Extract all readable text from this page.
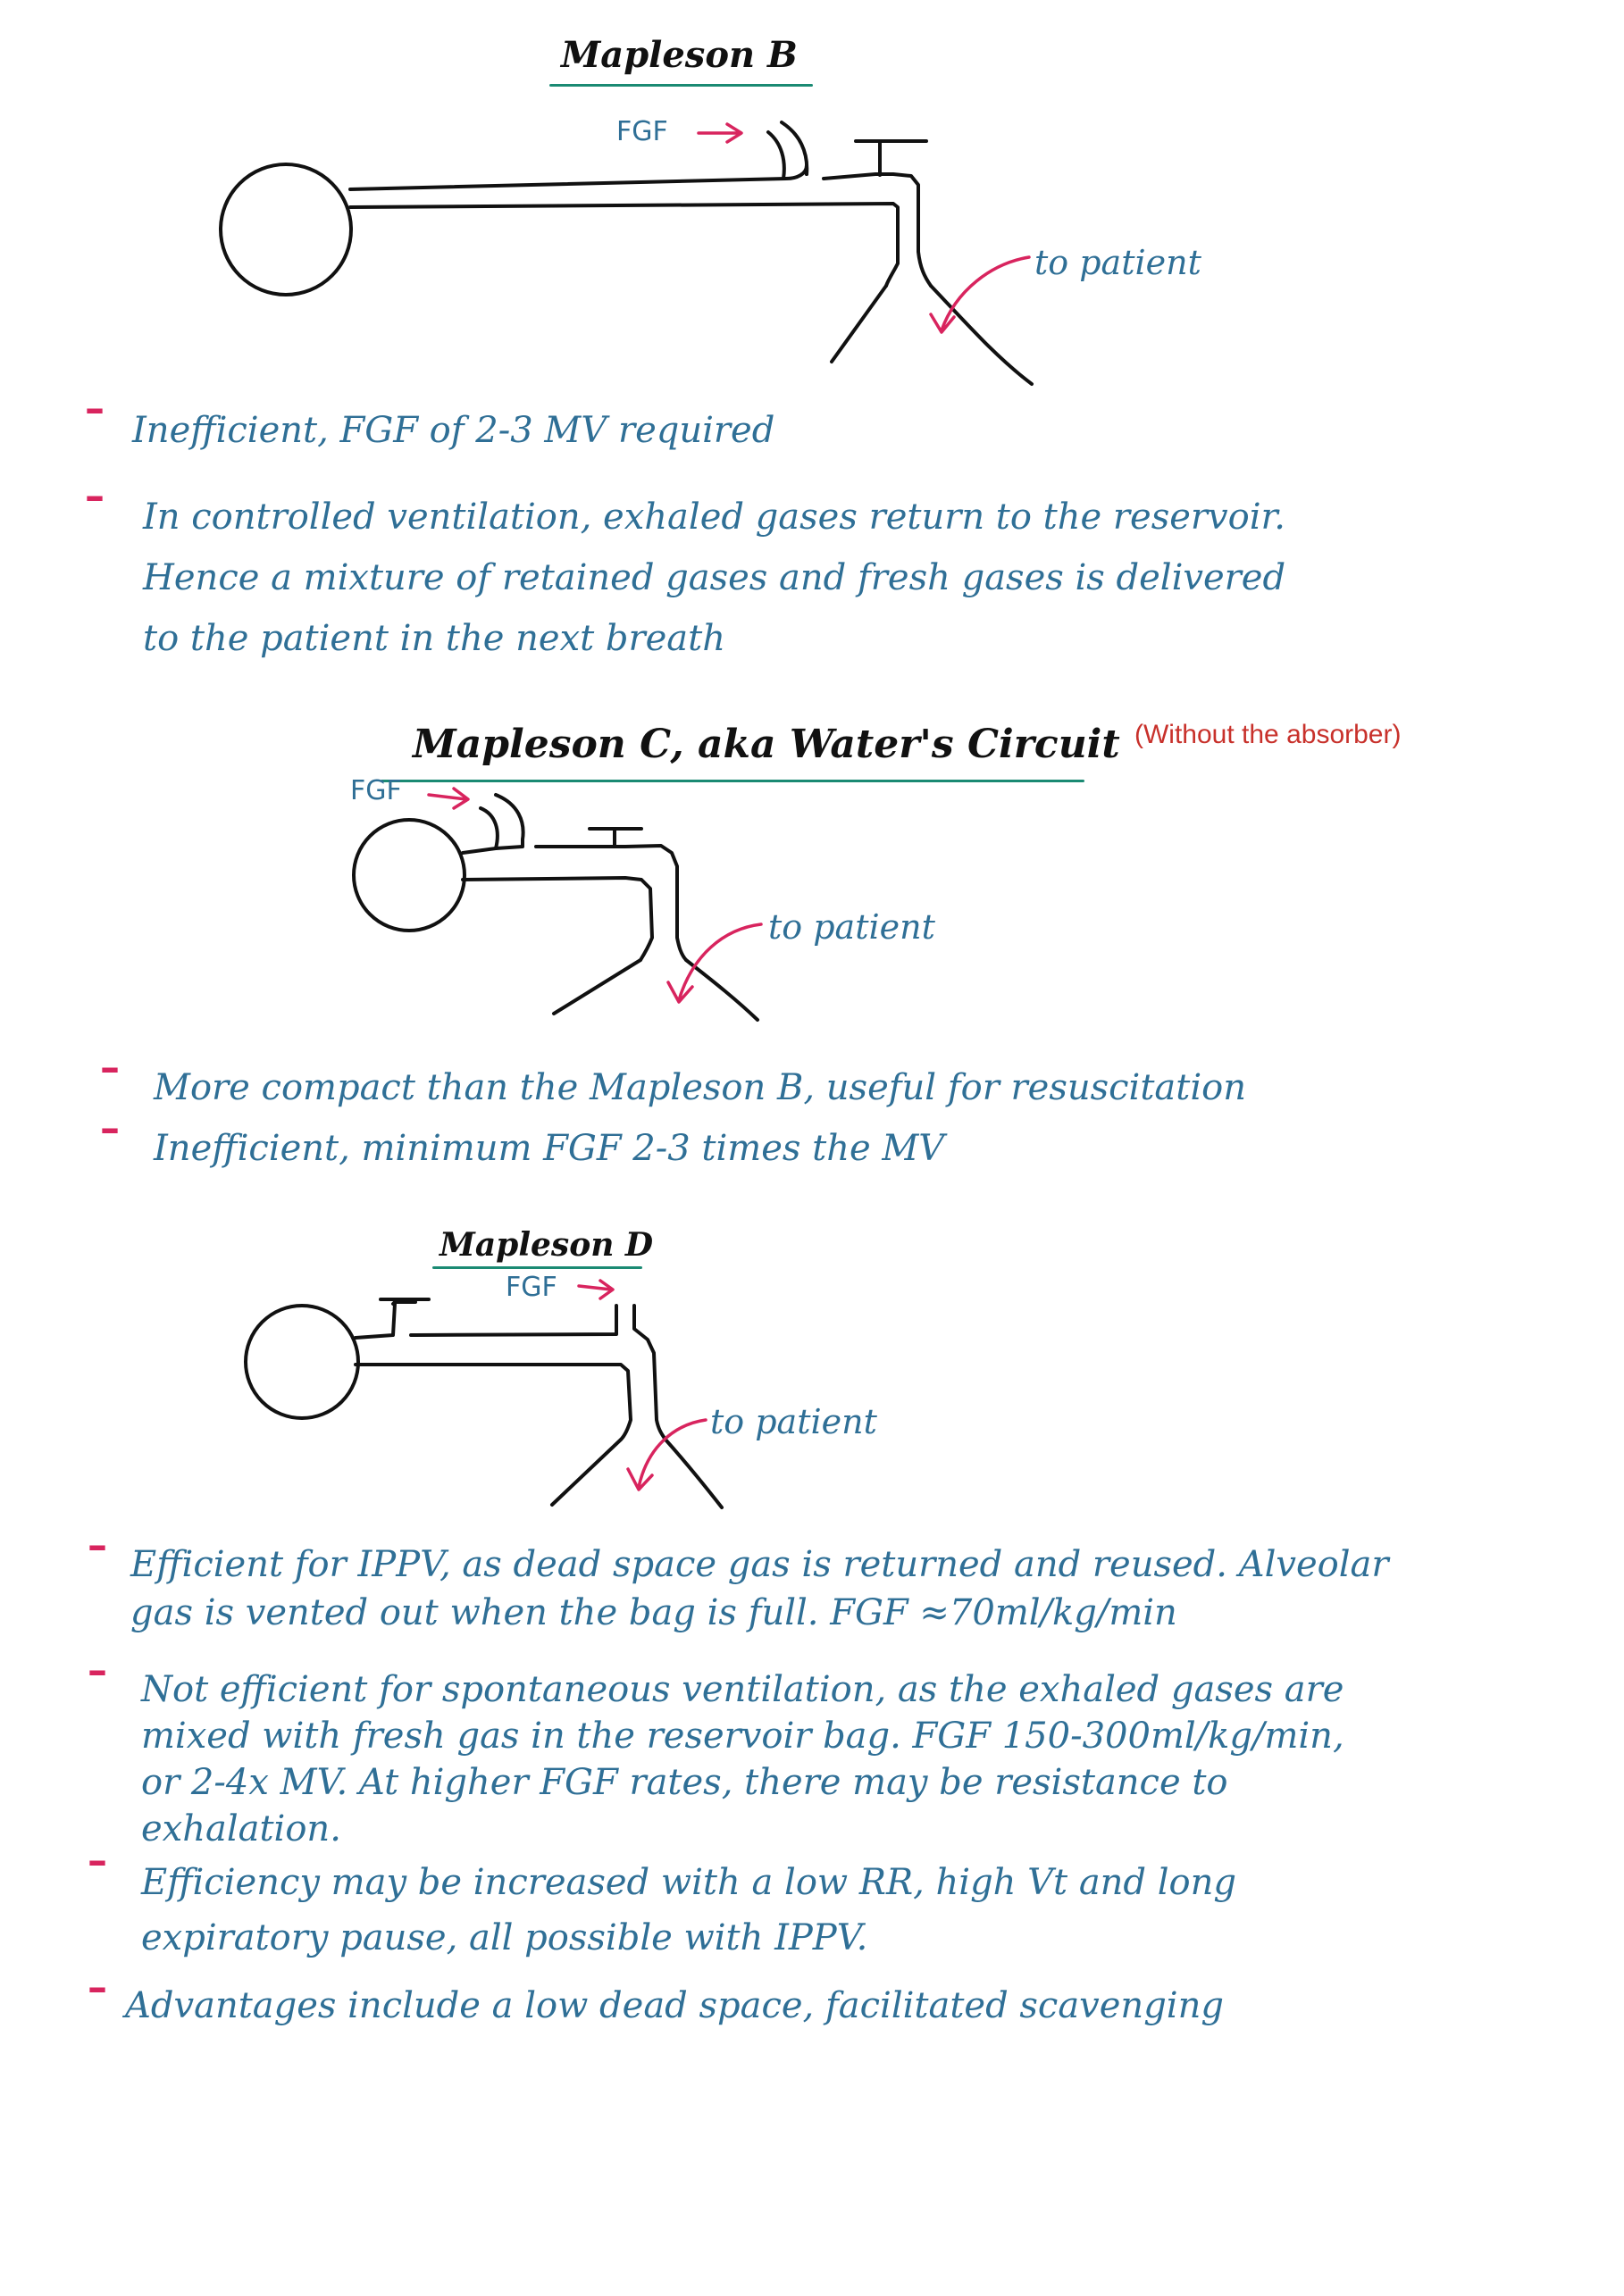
Mapleson B
FGF
to patient
– Inefficient, FGF of 2-3 MV required
– In controlled ventilation, exhaled gases return to the reservoir.
Hence a mixture of retained gases and fresh gases is delivered
to the patient in the next breath
Mapleson C, aka Water's Circuit (Without the absorber)
FGF
to patient
– More compact than the Mapleson B, useful for resuscitation
– Inefficient, minimum FGF 2-3 times the MV
Mapleson D
FGF
to patient
– Efficient for IPPV, as dead space gas is returned and reused. Alveolar
gas is vented out when the bag is full. FGF ≈70ml/kg/min
– Not efficient for spontaneous ventilation, as the exhaled gases are
mixed with fresh gas in the reservoir bag. FGF 150-300ml/kg/min,
or 2-4x MV. At higher FGF rates, there may be resistance to
exhalation.
– Efficiency may be increased with a low RR, high Vt and long
expiratory pause, all possible with IPPV.
– Advantages include a low dead space, facilitated scavenging
